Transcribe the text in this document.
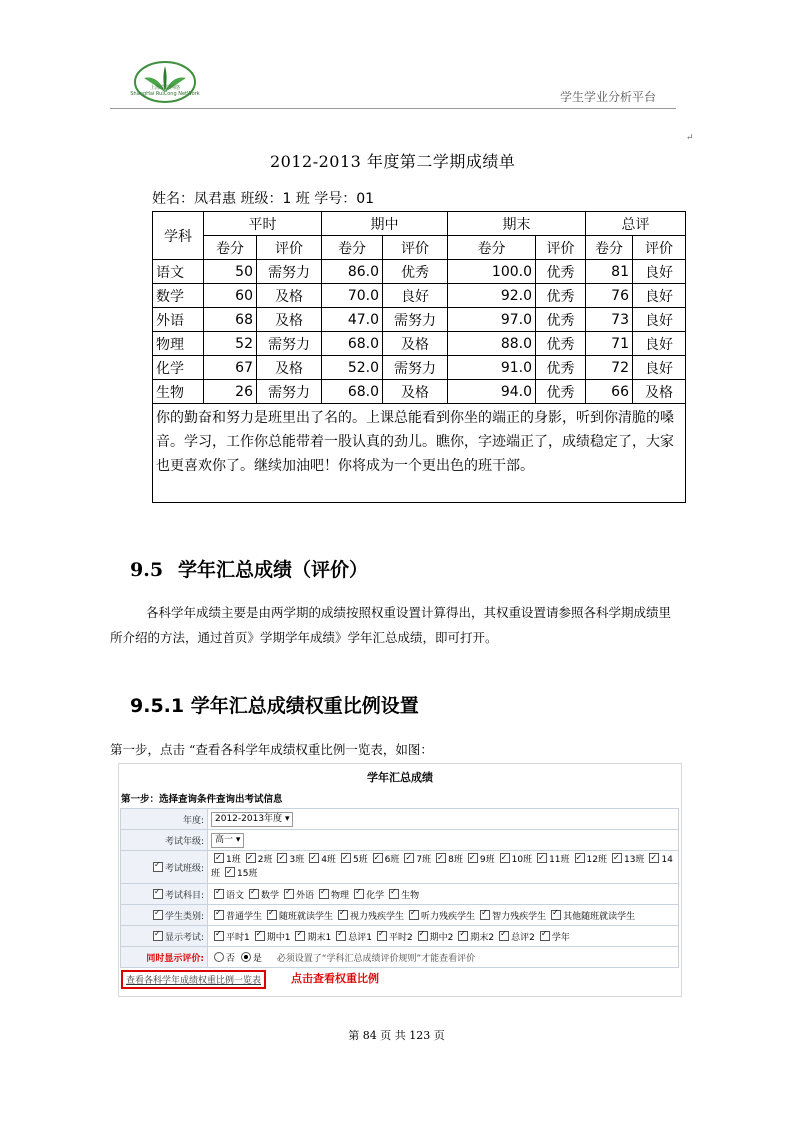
上海瑞聪网络
ShangHai RuiCong NetWork	学生学业分析平台
↵
2012-2013 年度第二学期成绩单
姓名：凤君惠 班级：1 班 学号：01
学科	平时		期中		期末		总评	
	卷分	评价	卷分	评价	卷分	评价	卷分	评价
语文	50	需努力	86.0	优秀	100.0	优秀	81	良好
数学	60	及格	70.0	良好	92.0	优秀	76	良好
外语	68	及格	47.0	需努力	97.0	优秀	73	良好
物理	52	需努力	68.0	及格	88.0	优秀	71	良好
化学	67	及格	52.0	需努力	91.0	优秀	72	良好
生物	26	需努力	68.0	及格	94.0	优秀	66	及格
你的勤奋和努力是班里出了名的。上课总能看到你坐的端正的身影，听到你清脆的嗓音。学习，工作你总能带着一股认真的劲儿。瞧你，字迹端正了，成绩稳定了，大家也更喜欢你了。继续加油吧！你将成为一个更出色的班干部。								
9.5 学年汇总成绩（评价）
各科学年成绩主要是由两学期的成绩按照权重设置计算得出，其权重设置请参照各科学期成绩里所介绍的方法，通过首页》学期学年成绩》学年汇总成绩，即可打开。
9.5.1 学年汇总成绩权重比例设置
第一步，点击 “查看各科学年成绩权重比例一览表，如图：
学年汇总成绩
第一步：选择查询条件查询出考试信息
年度:	2012-2013年度 ▾
考试年级:	高一 ▾
✓考试班级:	✓1班 ✓ 2班 ✓ 3班 ✓ 4班 ✓ 5班 ✓ 6班 ✓ 7班 ✓ 8班 ✓ 9班 ✓ 10班 ✓ 11班 ✓ 12班 ✓ 13班 ✓ 14班 ✓ 15班
✓考试科目:	✓语文 ✓ 数学 ✓ 外语 ✓ 物理 ✓ 化学 ✓ 生物
✓学生类别:	✓普通学生 ✓ 随班就读学生 ✓ 视力残疾学生 ✓ 听力残疾学生 ✓ 智力残疾学生 ✓ 其他随班就读学生
✓显示考试:	✓平时1 ✓ 期中1 ✓ 期末1 ✓ 总评1 ✓ 平时2 ✓ 期中2 ✓ 期末2 ✓ 总评2 ✓ 学年
同时显示评价:	否 是 必须设置了“学科汇总成绩评价规则”才能查看评价
查看各科学年成绩权重比例一览表	点击查看权重比例
第 84 页 共 123 页
